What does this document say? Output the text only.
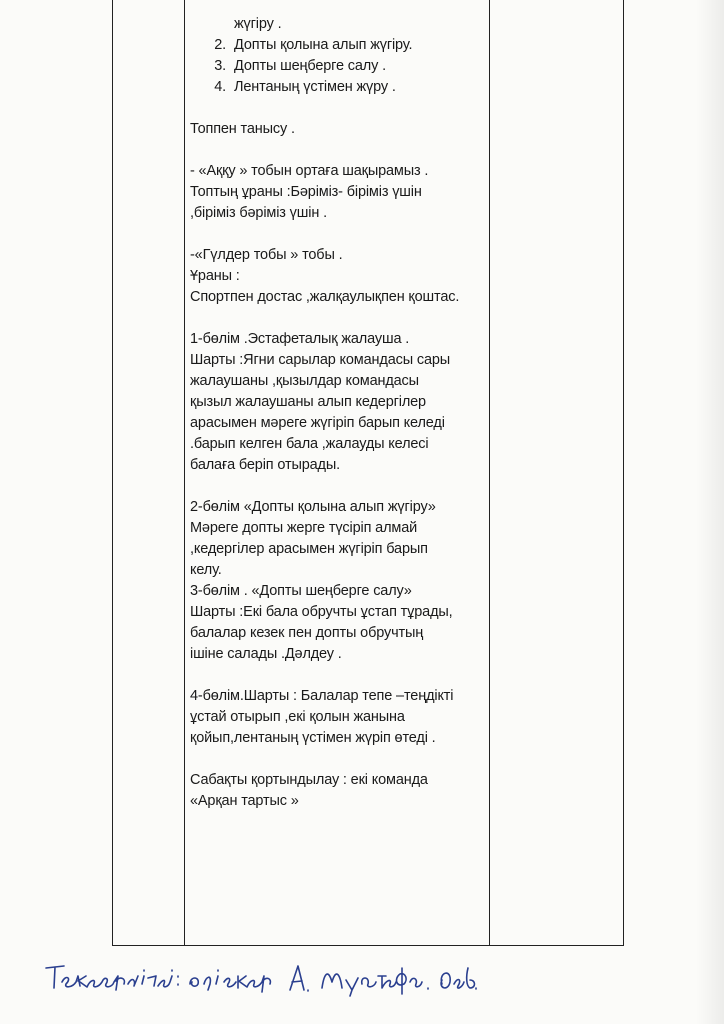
жүгіру .
2. Допты қолына алып жүгіру.
3. Допты шеңберге салу .
4. Лентаның үстімен жүру .
Топпен танысу .
- «Аққу » тобын ортаға шақырамыз .
Топтың ұраны :Бәріміз- біріміз үшін
,біріміз бәріміз үшін .
-«Гүлдер тобы » тобы .
Ұраны :
Спортпен достас ,жалқаулықпен қоштас.
1-бөлім .Эстафеталық жалауша .
Шарты :Ягни сарылар командасы сары
жалаушаны ,қызылдар командасы
қызыл жалаушаны алып кедергілер
арасымен мәреге жүгіріп барып келеді
.барып келген бала ,жалауды келесі
балаға беріп отырады.
2-бөлім «Допты қолына алып жүгіру»
Мәреге допты жерге түсіріп алмай
,кедергілер арасымен жүгіріп барып
келу.
3-бөлім . «Допты шеңберге салу»
Шарты :Екі бала обручты ұстап тұрады,
балалар кезек пен допты обручтың
ішіне салады .Дәлдеу .
4-бөлім.Шарты : Балалар тепе –теңдікті
ұстай отырып ,екі қолын жанына
қойып,лентаның үстімен жүріп өтеді .
Сабақты қортындылау : екі команда
«Арқан тартыс »
